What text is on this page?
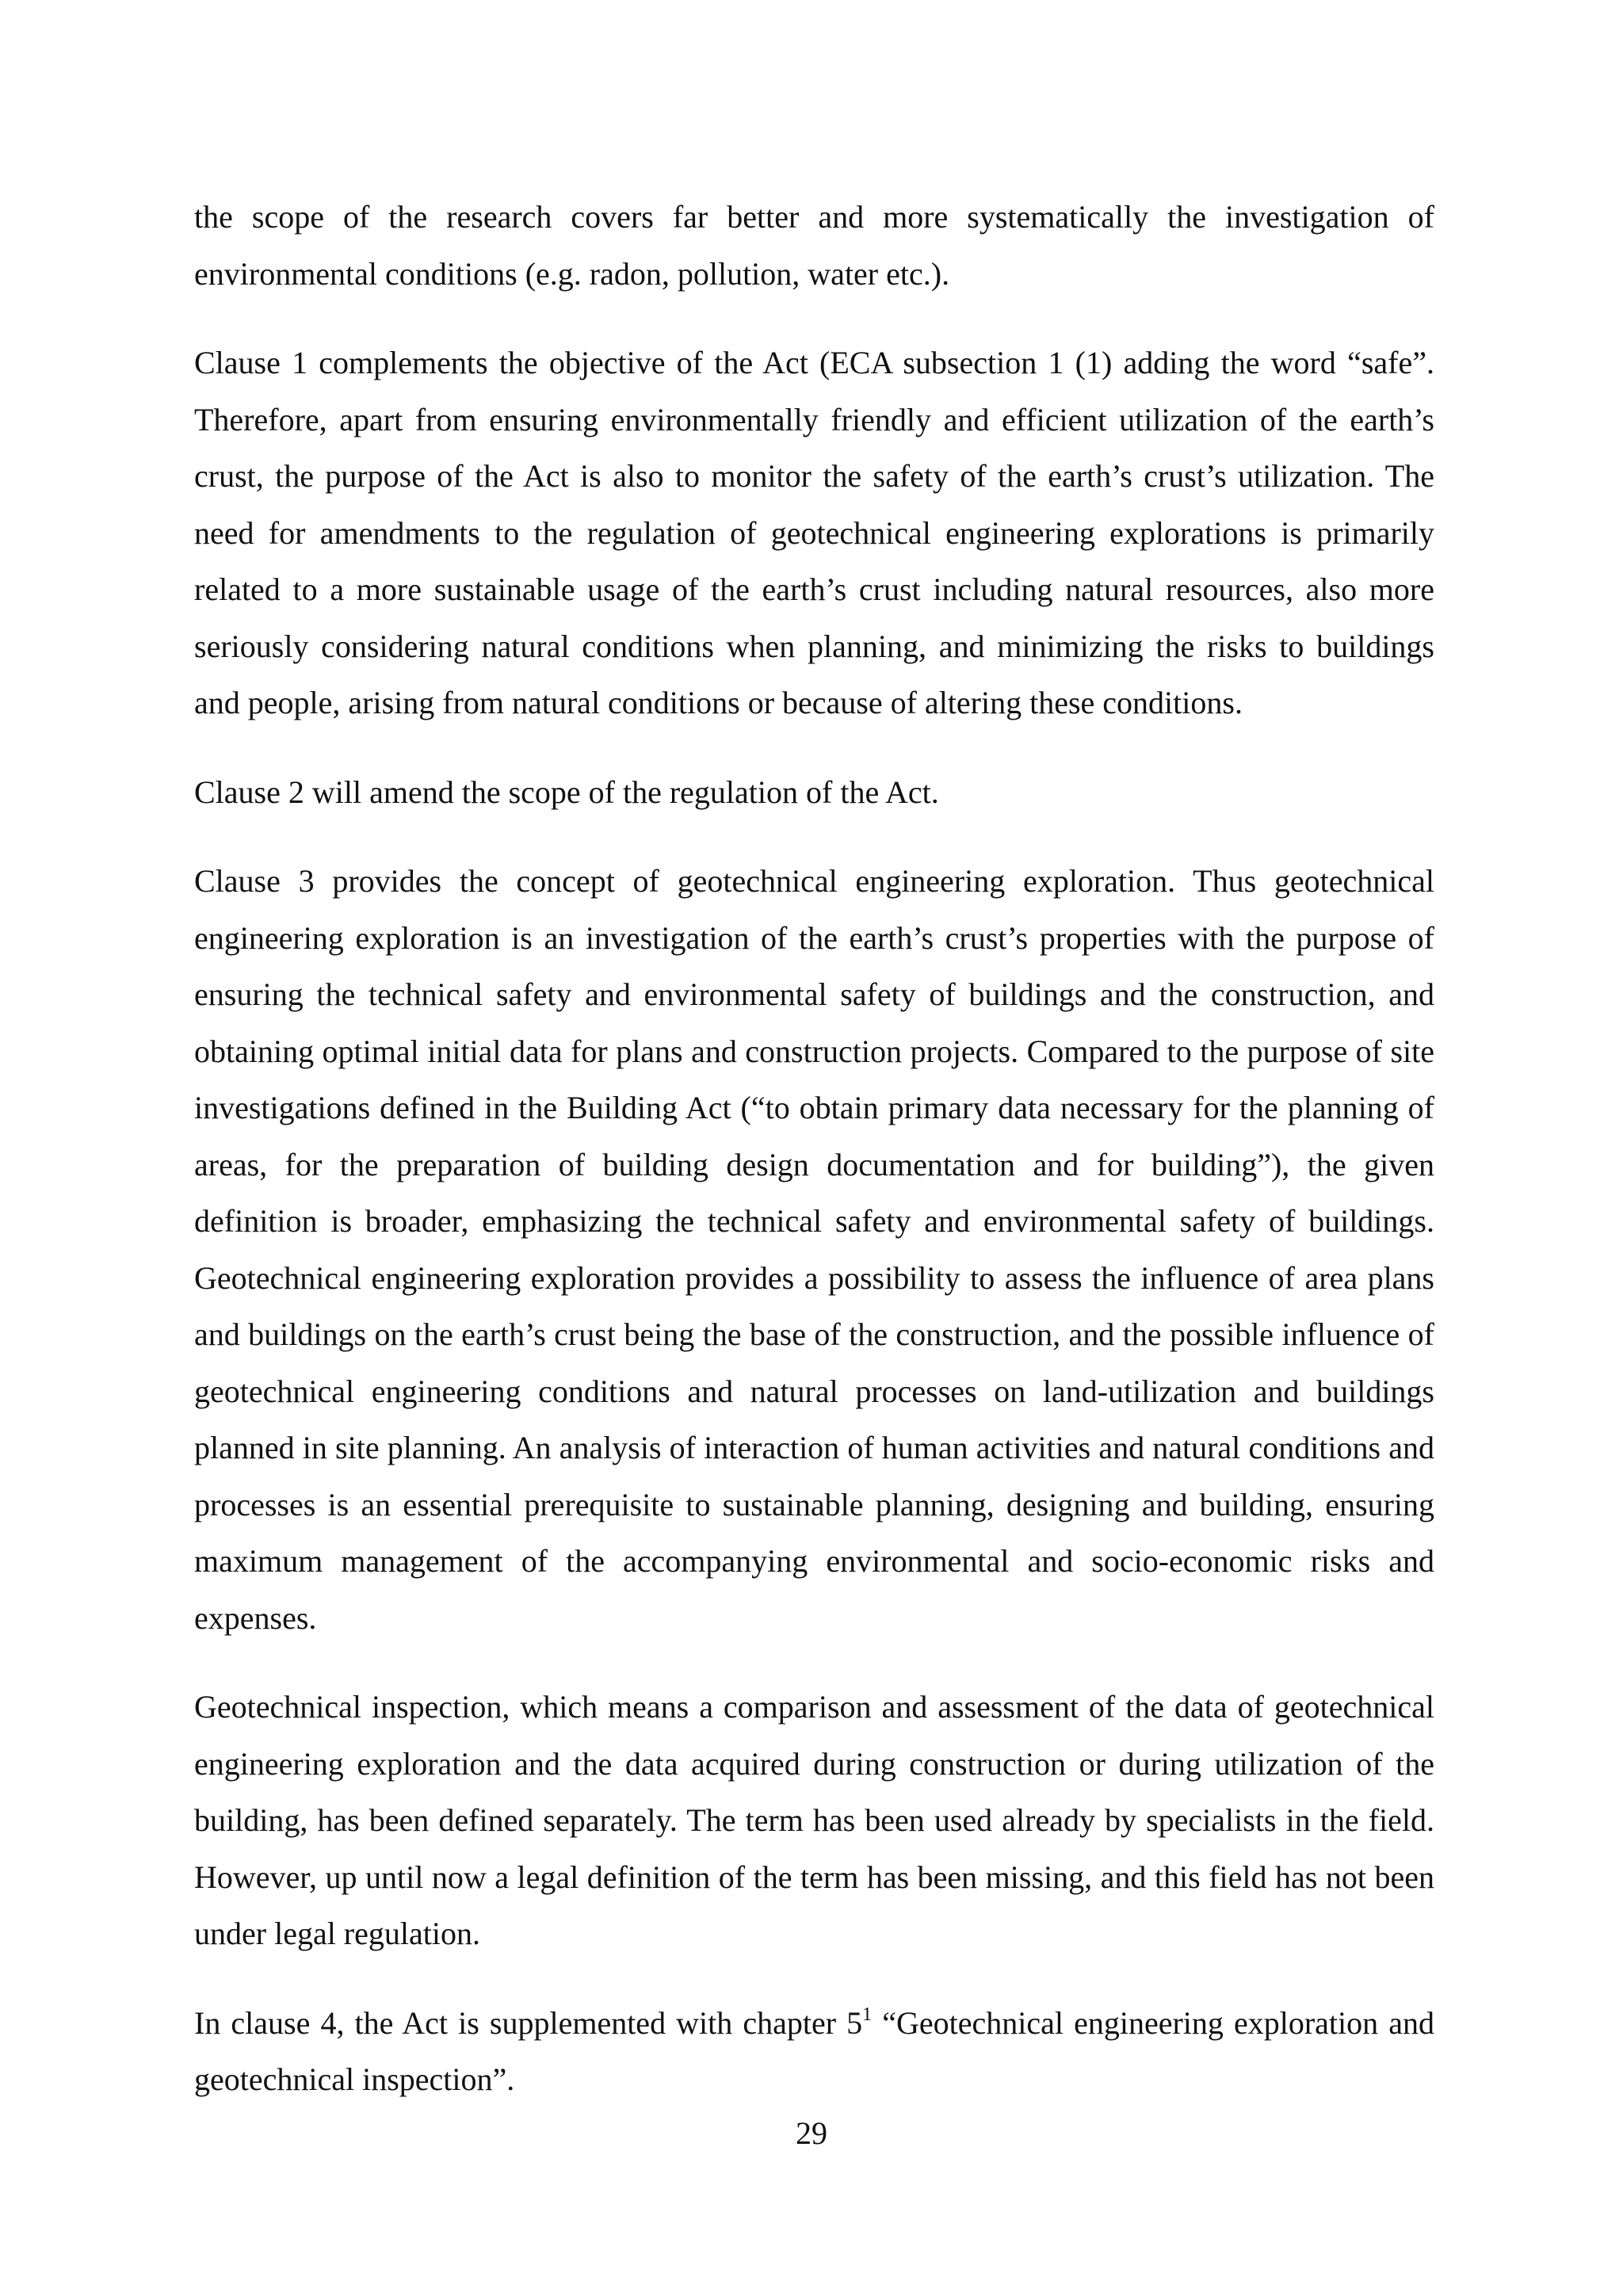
the scope of the research covers far better and more systematically the investigation of environmental conditions (e.g. radon, pollution, water etc.).

Clause 1 complements the objective of the Act (ECA subsection 1 (1) adding the word “safe”. Therefore, apart from ensuring environmentally friendly and efficient utilization of the earth’s crust, the purpose of the Act is also to monitor the safety of the earth’s crust’s utilization. The need for amendments to the regulation of geotechnical engineering explorations is primarily related to a more sustainable usage of the earth’s crust including natural resources, also more seriously considering natural conditions when planning, and minimizing the risks to buildings and people, arising from natural conditions or because of altering these conditions.

Clause 2 will amend the scope of the regulation of the Act.

Clause 3 provides the concept of geotechnical engineering exploration. Thus geotechnical engineering exploration is an investigation of the earth’s crust’s properties with the purpose of ensuring the technical safety and environmental safety of buildings and the construction, and obtaining optimal initial data for plans and construction projects. Compared to the purpose of site investigations defined in the Building Act (“to obtain primary data necessary for the planning of areas, for the preparation of building design documentation and for building”), the given definition is broader, emphasizing the technical safety and environmental safety of buildings. Geotechnical engineering exploration provides a possibility to assess the influence of area plans and buildings on the earth’s crust being the base of the construction, and the possible influence of geotechnical engineering conditions and natural processes on land-utilization and buildings planned in site planning. An analysis of interaction of human activities and natural conditions and processes is an essential prerequisite to sustainable planning, designing and building, ensuring maximum management of the accompanying environmental and socio-economic risks and expenses.

Geotechnical inspection, which means a comparison and assessment of the data of geotechnical engineering exploration and the data acquired during construction or during utilization of the building, has been defined separately. The term has been used already by specialists in the field. However, up until now a legal definition of the term has been missing, and this field has not been under legal regulation.

In clause 4, the Act is supplemented with chapter $5^1$ “Geotechnical engineering exploration and geotechnical inspection”.

29
